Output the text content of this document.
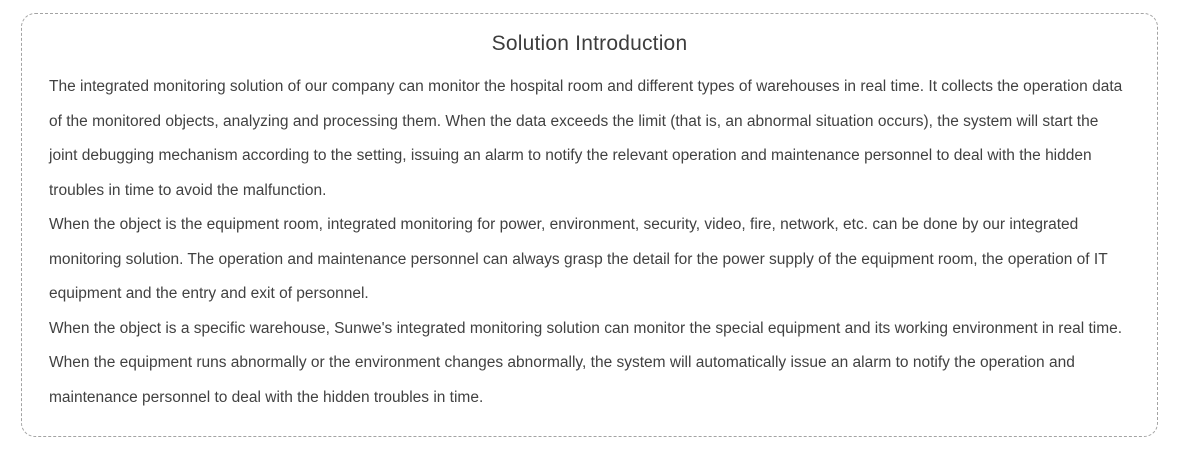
Solution Introduction

The integrated monitoring solution of our company can monitor the hospital room and different types of warehouses in real time. It collects the operation data of the monitored objects, analyzing and processing them. When the data exceeds the limit (that is, an abnormal situation occurs), the system will start the joint debugging mechanism according to the setting, issuing an alarm to notify the relevant operation and maintenance personnel to deal with the hidden troubles in time to avoid the malfunction.

When the object is the equipment room, integrated monitoring for power, environment, security, video, fire, network, etc. can be done by our integrated monitoring solution. The operation and maintenance personnel can always grasp the detail for the power supply of the equipment room, the operation of IT equipment and the entry and exit of personnel.

When the object is a specific warehouse, Sunwe's integrated monitoring solution can monitor the special equipment and its working environment in real time. When the equipment runs abnormally or the environment changes abnormally, the system will automatically issue an alarm to notify the operation and maintenance personnel to deal with the hidden troubles in time.
